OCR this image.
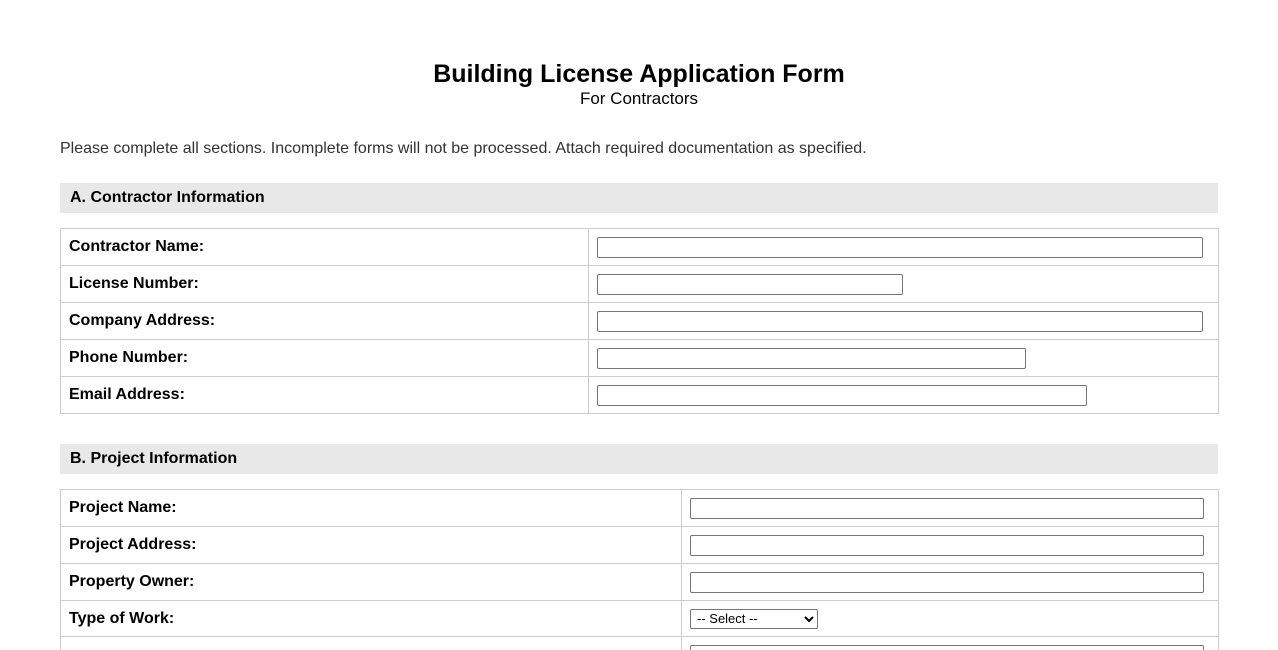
Building License Application Form
For Contractors
Please complete all sections. Incomplete forms will not be processed. Attach required documentation as specified.
A. Contractor Information
Contractor Name:	

License Number:	

Company Address:	

Phone Number:	

Email Address:	
B. Project Information
Project Name:	

Project Address:	

Property Owner:	

Type of Work:	
-- Select --
